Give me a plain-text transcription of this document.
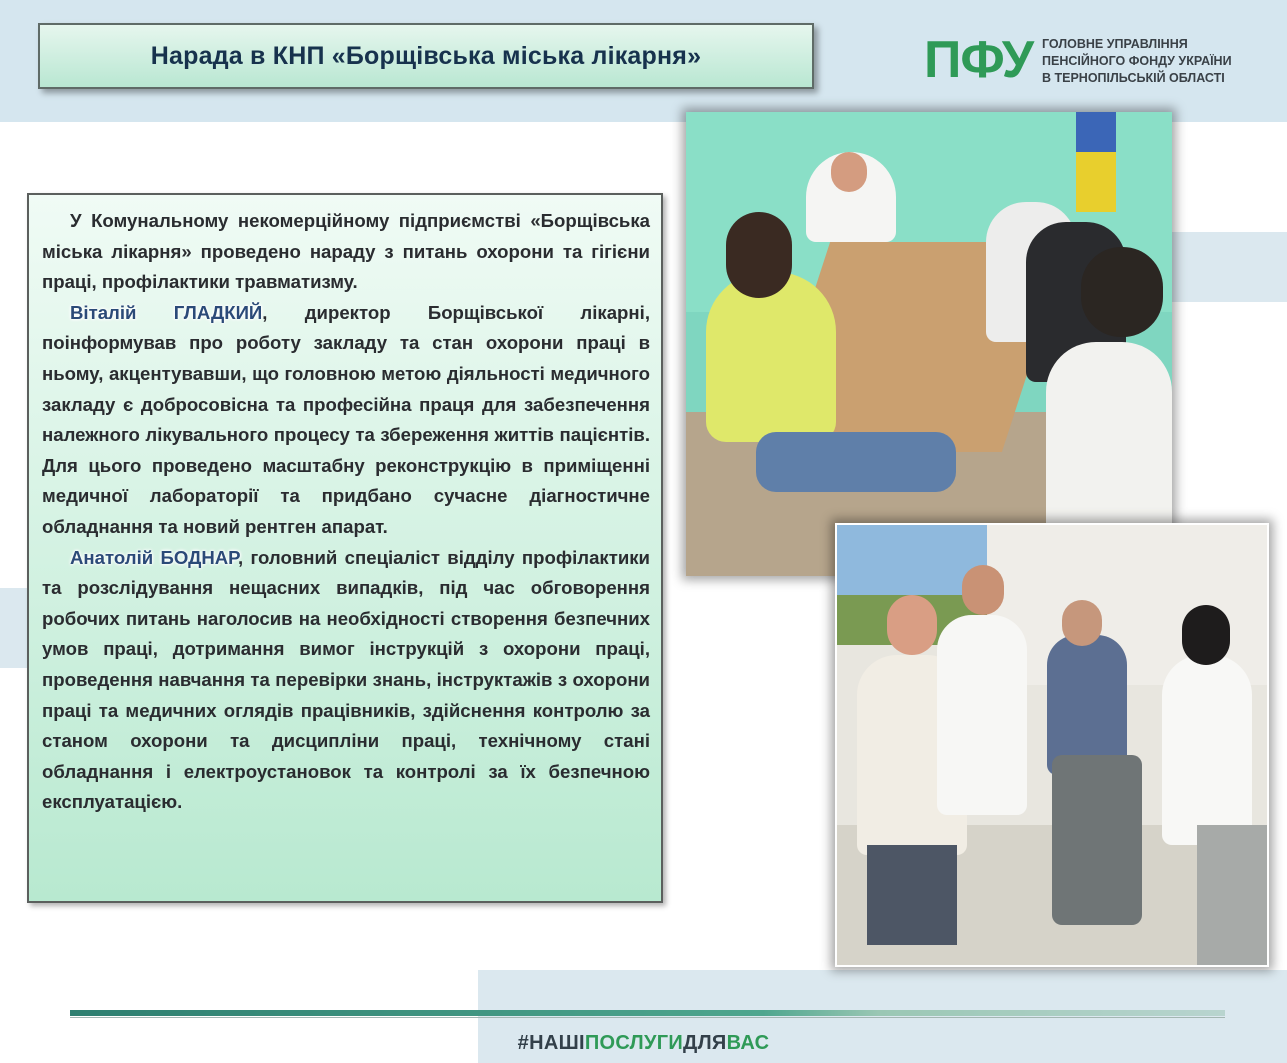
Нарада в КНП «Борщівська міська лікарня»	ПФУ ГОЛОВНЕ УПРАВЛІННЯ
ПЕНСІЙНОГО ФОНДУ УКРАЇНИ
В ТЕРНОПІЛЬСЬКІЙ ОБЛАСТІ

У Комунальному некомерційному підприємстві «Борщівська міська лікарня» проведено нараду з питань охорони та гігієни праці, профілактики травматизму.

Віталій ГЛАДКИЙ, директор Борщівської лікарні, поінформував про роботу закладу та стан охорони праці в ньому, акцентувавши, що головною метою діяльності медичного закладу є добросовісна та професійна праця для забезпечення належного лікувального процесу та збереження життів пацієнтів. Для цього проведено масштабну реконструкцію в приміщенні медичної лабораторії та придбано сучасне діагностичне обладнання та новий рентген апарат.

Анатолій БОДНАР, головний спеціаліст відділу профілактики та розслідування нещасних випадків, під час обговорення робочих питань наголосив на необхідності створення безпечних умов праці, дотримання вимог інструкцій з охорони праці, проведення навчання та перевірки знань, інструктажів з охорони праці та медичних оглядів працівників, здійснення контролю за станом охорони та дисципліни праці, технічному стані обладнання і електроустановок та контролі за їх безпечною експлуатацією.

#НАШІПОСЛУГИДЛЯВАС
